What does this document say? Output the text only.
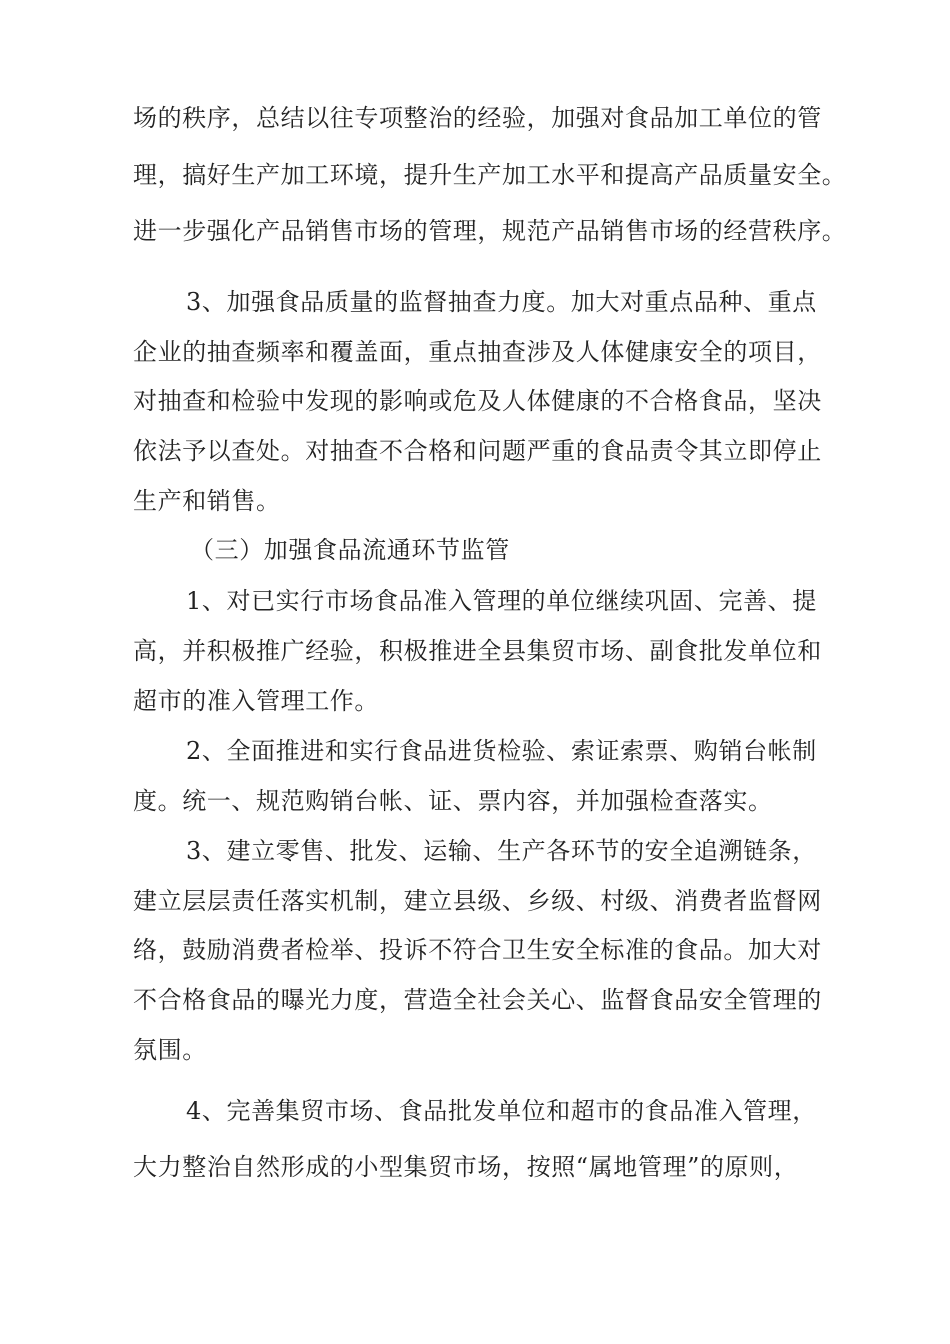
场的秩序，总结以往专项整治的经验，加强对食品加工单位的管

理，搞好生产加工环境，提升生产加工水平和提高产品质量安全。

进一步强化产品销售市场的管理，规范产品销售市场的经营秩序。

3、加强食品质量的监督抽查力度。加大对重点品种、重点

企业的抽查频率和覆盖面，重点抽查涉及人体健康安全的项目，

对抽查和检验中发现的影响或危及人体健康的不合格食品，坚决

依法予以查处。对抽查不合格和问题严重的食品责令其立即停止

生产和销售。

（三）加强食品流通环节监管

1、对已实行市场食品准入管理的单位继续巩固、完善、提

高，并积极推广经验，积极推进全县集贸市场、副食批发单位和

超市的准入管理工作。

2、全面推进和实行食品进货检验、索证索票、购销台帐制

度。统一、规范购销台帐、证、票内容，并加强检查落实。

3、建立零售、批发、运输、生产各环节的安全追溯链条，

建立层层责任落实机制，建立县级、乡级、村级、消费者监督网

络，鼓励消费者检举、投诉不符合卫生安全标准的食品。加大对

不合格食品的曝光力度，营造全社会关心、监督食品安全管理的

氛围。

4、完善集贸市场、食品批发单位和超市的食品准入管理，

大力整治自然形成的小型集贸市场，按照“属地管理”的原则，
